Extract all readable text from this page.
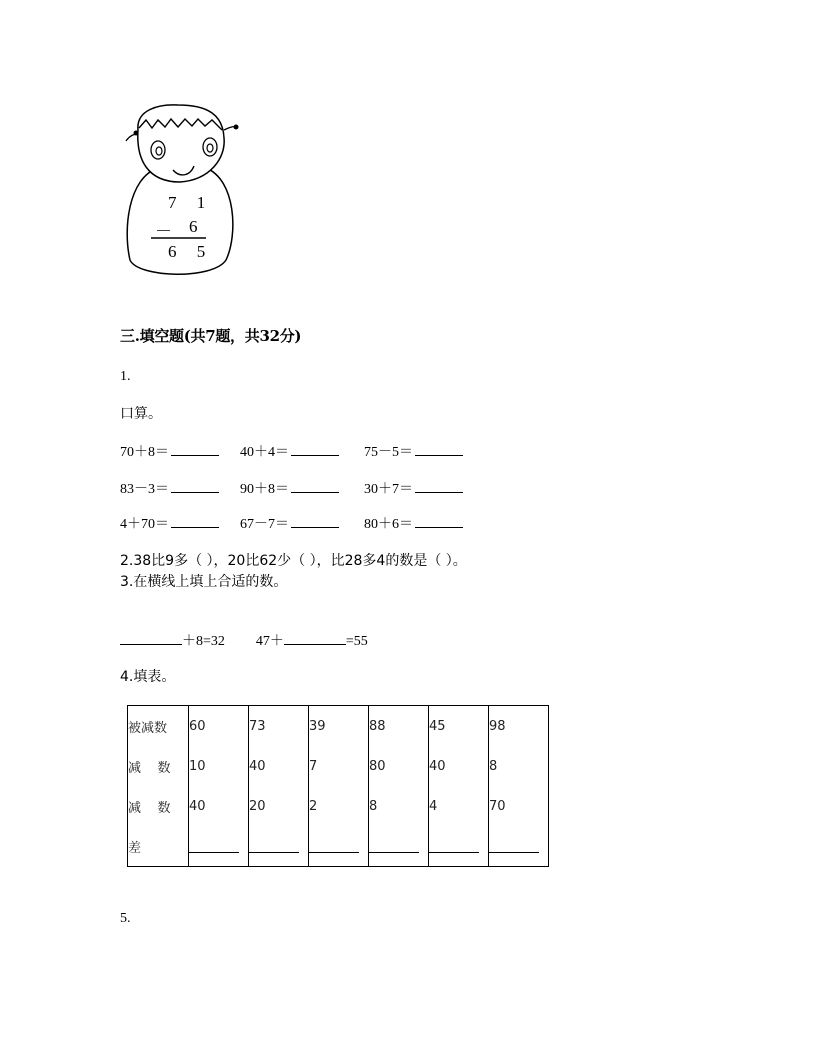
7 1
－ 6
6 5
三.填空题(共7题，共32分)
1.
口算。
70＋8＝	40＋4＝	75－5＝
83－3＝	90＋8＝	30＋7＝
4＋70＝	67－7＝	80＋6＝
2.38比9多（ ），20比62少（ ），比28多4的数是（ ）。
3.在横线上填上合适的数。
＋8=32 47＋	=55
4.填表。
被减数	60	73	39	88	45	98
减    数	10	40	7	80	40	8
减    数	40	20	2	8	4	70
差	

5.
